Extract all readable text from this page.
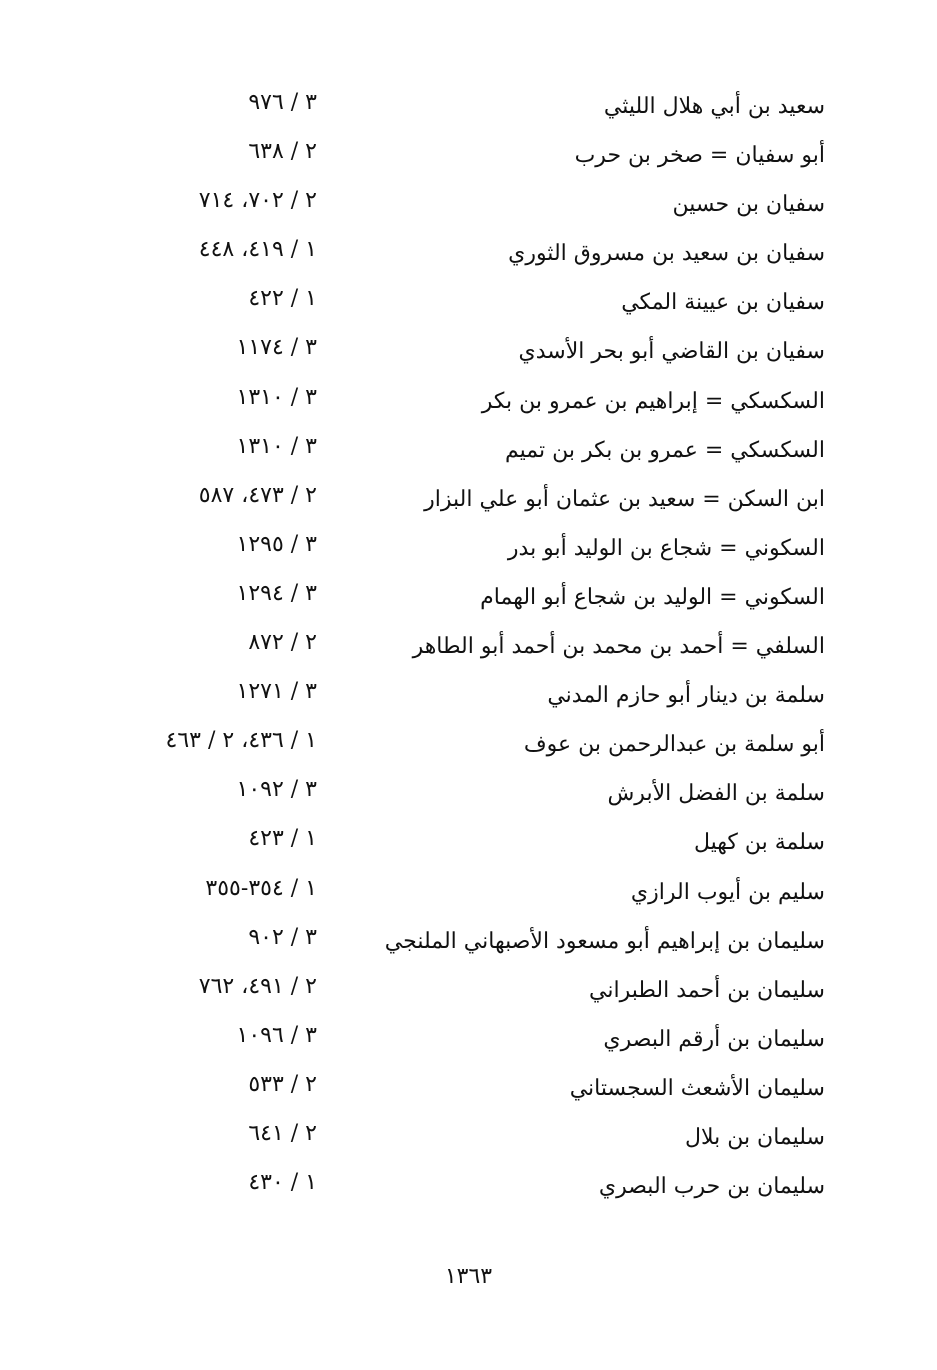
سعيد بن أبي هلال الليثي
٣ / ٩٧٦
أبو سفيان = صخر بن حرب
٢ / ٦٣٨
سفيان بن حسين
٢ / ٧٠٢، ٧١٤
سفيان بن سعيد بن مسروق الثوري
١ / ٤١٩، ٤٤٨
سفيان بن عيينة المكي
١ / ٤٢٢
سفيان بن القاضي أبو بحر الأسدي
٣ / ١١٧٤
السكسكي = إبراهيم بن عمرو بن بكر
٣ / ١٣١٠
السكسكي = عمرو بن بكر بن تميم
٣ / ١٣١٠
ابن السكن = سعيد بن عثمان أبو علي البزار
٢ / ٤٧٣، ٥٨٧
السكوني = شجاع بن الوليد أبو بدر
٣ / ١٢٩٥
السكوني = الوليد بن شجاع أبو الهمام
٣ / ١٢٩٤
السلفي = أحمد بن محمد بن أحمد أبو الطاهر
٢ / ٨٧٢
سلمة بن دينار أبو حازم المدني
٣ / ١٢٧١
أبو سلمة بن عبدالرحمن بن عوف
١ / ٤٣٦، ٢ / ٤٦٣
سلمة بن الفضل الأبرش
٣ / ١٠٩٢
سلمة بن كهيل
١ / ٤٢٣
سليم بن أيوب الرازي
١ / ٣٥٤-٣٥٥
سليمان بن إبراهيم أبو مسعود الأصبهاني الملنجي
٣ / ٩٠٢
سليمان بن أحمد الطبراني
٢ / ٤٩١، ٧٦٢
سليمان بن أرقم البصري
٣ / ١٠٩٦
سليمان الأشعث السجستاني
٢ / ٥٣٣
سليمان بن بلال
٢ / ٦٤١
سليمان بن حرب البصري
١ / ٤٣٠
١٣٦٣
